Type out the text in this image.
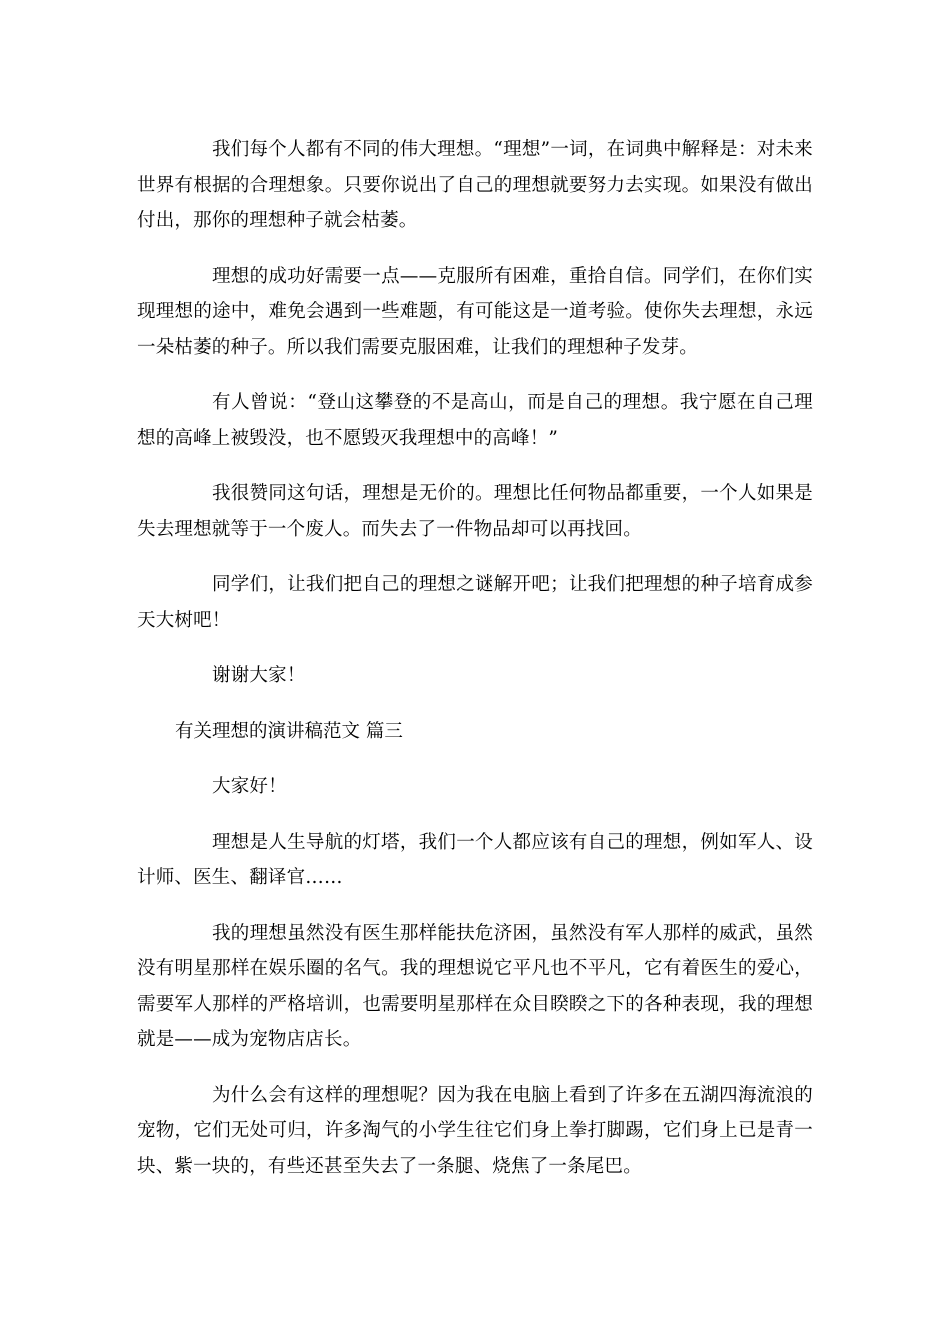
我们每个人都有不同的伟大理想。“理想”一词，在词典中解释是：对未来世界有根据的合理想象。只要你说出了自己的理想就要努力去实现。如果没有做出付出，那你的理想种子就会枯萎。

理想的成功好需要一点——克服所有困难，重拾自信。同学们，在你们实现理想的途中，难免会遇到一些难题，有可能这是一道考验。使你失去理想，永远一朵枯萎的种子。所以我们需要克服困难，让我们的理想种子发芽。

有人曾说：“登山这攀登的不是高山，而是自己的理想。我宁愿在自己理想的高峰上被毁没，也不愿毁灭我理想中的高峰！”

我很赞同这句话，理想是无价的。理想比任何物品都重要，一个人如果是失去理想就等于一个废人。而失去了一件物品却可以再找回。

同学们，让我们把自己的理想之谜解开吧；让我们把理想的种子培育成参天大树吧！

谢谢大家！

有关理想的演讲稿范文 篇三

大家好！

理想是人生导航的灯塔，我们一个人都应该有自己的理想，例如军人、设计师、医生、翻译官……

我的理想虽然没有医生那样能扶危济困，虽然没有军人那样的威武，虽然没有明星那样在娱乐圈的名气。我的理想说它平凡也不平凡，它有着医生的爱心，需要军人那样的严格培训，也需要明星那样在众目睽睽之下的各种表现，我的理想就是——成为宠物店店长。

为什么会有这样的理想呢？因为我在电脑上看到了许多在五湖四海流浪的宠物，它们无处可归，许多淘气的小学生往它们身上拳打脚踢，它们身上已是青一块、紫一块的，有些还甚至失去了一条腿、烧焦了一条尾巴。
